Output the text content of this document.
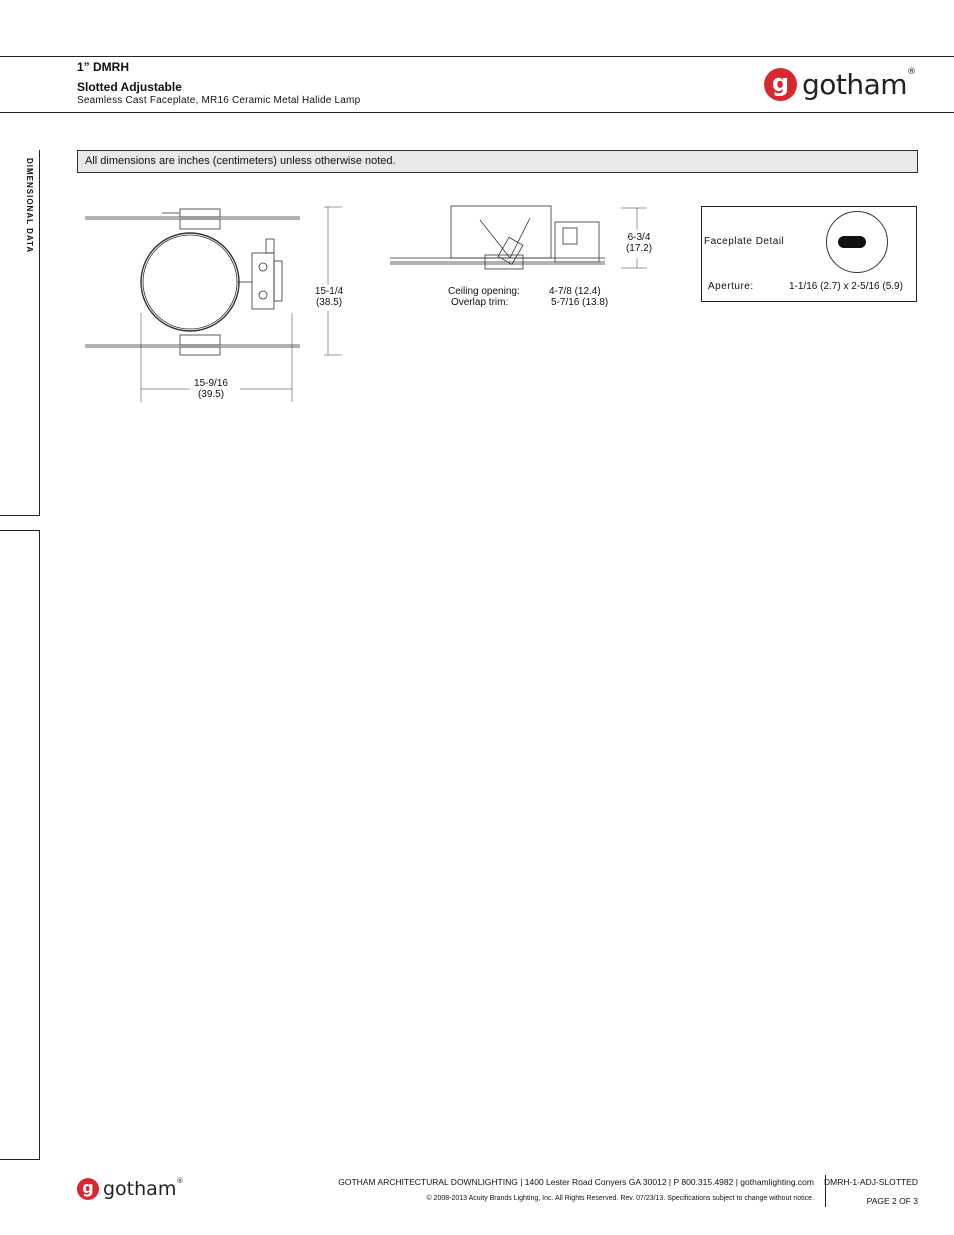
1” DMRH
Slotted Adjustable
Seamless Cast Faceplate, MR16 Ceramic Metal Halide Lamp
g gotham ®
DIMENSIONAL DATA	All dimensions are inches (centimeters) unless otherwise noted.
15-1/4
(38.5)
15-9/16
(39.5)
6-3/4
(17.2)
Ceiling opening:	4-7/8 (12.4)
Overlap trim:	5-7/16 (13.8)
Faceplate Detail
Aperture:	1-1/16 (2.7) x 2-5/16 (5.9)
g gotham ®	GOTHAM ARCHITECTURAL DOWNLIGHTING | 1400 Lester Road Conyers GA 30012 | P 800.315.4982 | gothamlighting.com
© 2008-2013 Acuity Brands Lighting, Inc. All Rights Reserved. Rev. 07/23/13. Specifications subject to change without notice.
DMRH-1-ADJ-SLOTTED
PAGE 2 OF 3
